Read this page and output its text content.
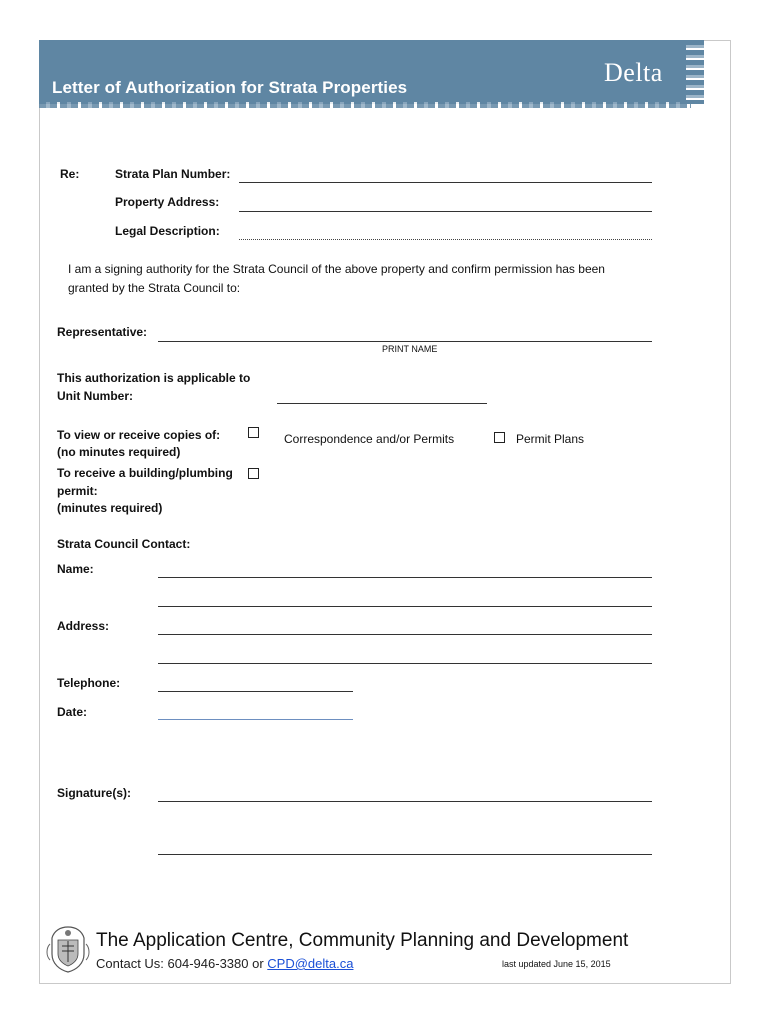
Letter of Authorization for Strata Properties
Delta
Re:	Strata Plan Number:
Property Address:
Legal Description:
I am a signing authority for the Strata Council of the above property and confirm permission has been
granted by the Strata Council to:
Representative:
PRINT NAME
This authorization is applicable to
Unit Number:
To view or receive copies of:
(no minutes required)
Correspondence and/or Permits	Permit Plans
To receive a building/plumbing
permit:
(minutes required)
Strata Council Contact:
Name:
Address:
Telephone:
Date:
Signature(s):
The Application Centre, Community Planning and Development
Contact Us: 604-946-3380 or CPD@delta.ca	last updated June 15, 2015
